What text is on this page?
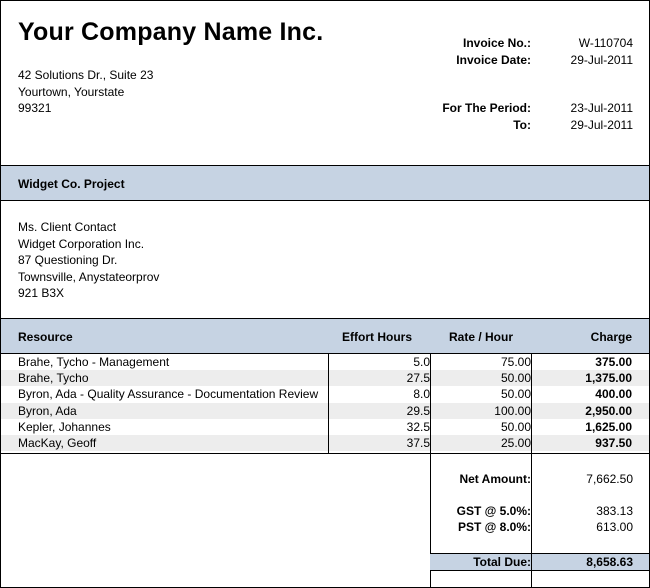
Your Company Name Inc.
42 Solutions Dr., Suite 23
Yourtown, Yourstate
99321
Invoice No.:	W-110704
Invoice Date:	29-Jul-2011
For The Period:	23-Jul-2011
To:	29-Jul-2011
Widget Co. Project
Ms. Client Contact
Widget Corporation Inc.
87 Questioning Dr.
Townsville, Anystateorprov
921 B3X
Resource	Effort Hours	Rate / Hour	Charge
Brahe, Tycho - Management	5.0	75.00	375.00
Brahe, Tycho	27.5	50.00	1,375.00
Byron, Ada - Quality Assurance - Documentation Review	8.0	50.00	400.00
Byron, Ada	29.5	100.00	2,950.00
Kepler, Johannes	32.5	50.00	1,625.00
MacKay, Geoff	37.5	25.00	937.50
Net Amount:	7,662.50
GST @ 5.0%:	383.13
PST @ 8.0%:	613.00
Total Due:	8,658.63
